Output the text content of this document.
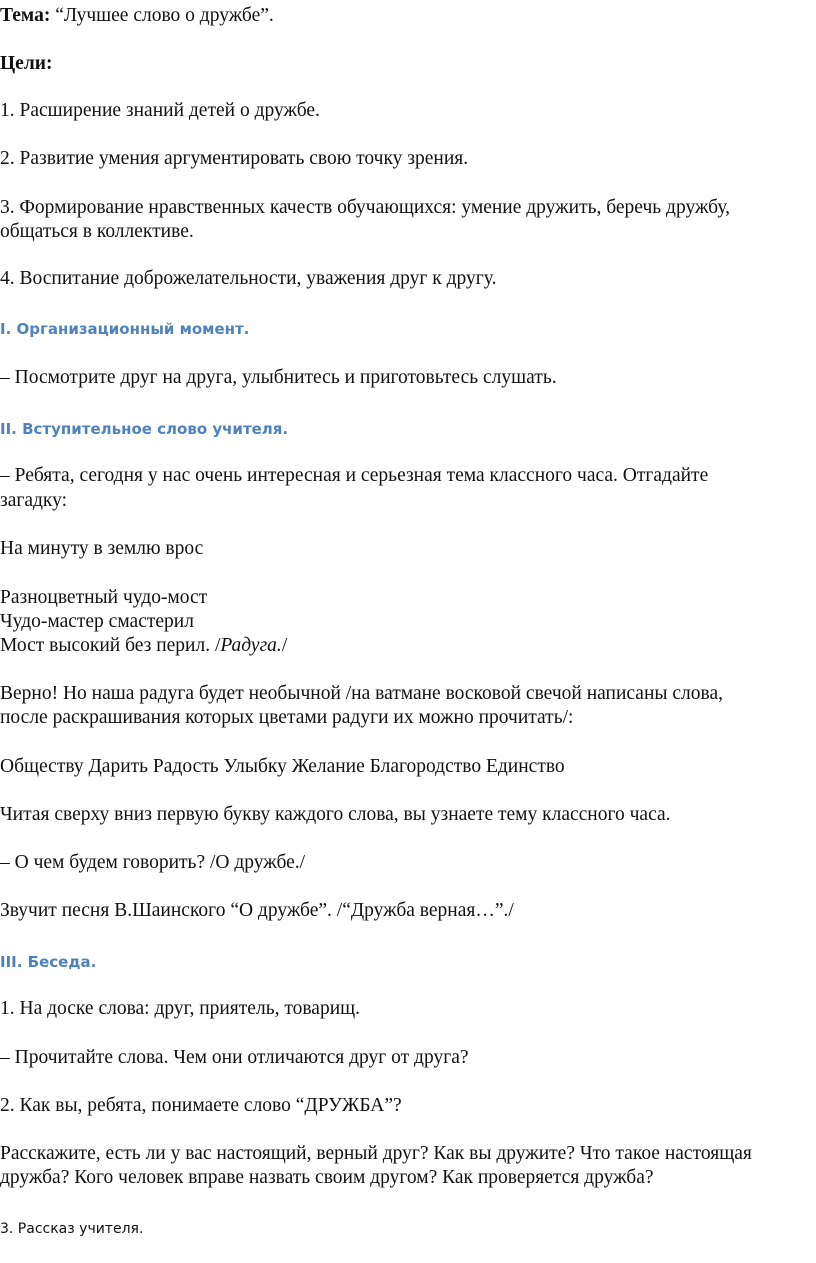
Тема: “Лучшее слово о дружбе”.
Цели:
1. Расширение знаний детей о дружбе.
2. Развитие умения аргументировать свою точку зрения.
3. Формирование нравственных качеств обучающихся: умение дружить, беречь дружбу,
общаться в коллективе.
4. Воспитание доброжелательности, уважения друг к другу.
I. Организационный момент.
– Посмотрите друг на друга, улыбнитесь и приготовьтесь слушать.
II. Вступительное слово учителя.
– Ребята, сегодня у нас очень интересная и серьезная тема классного часа. Отгадайте
загадку:
На минуту в землю врос
Разноцветный чудо-мост
Чудо-мастер смастерил
Мост высокий без перил. /Радуга./
Верно! Но наша радуга будет необычной /на ватмане восковой свечой написаны слова,
после раскрашивания которых цветами радуги их можно прочитать/:
Обществу Дарить Радость Улыбку Желание Благородство Единство
Читая сверху вниз первую букву каждого слова, вы узнаете тему классного часа.
– О чем будем говорить? /О дружбе./
Звучит песня В.Шаинского “О дружбе”. /“Дружба верная…”./
III. Беседа.
1. На доске слова: друг, приятель, товарищ.
– Прочитайте слова. Чем они отличаются друг от друга?
2. Как вы, ребята, понимаете слово “ДРУЖБА”?
Расскажите, есть ли у вас настоящий, верный друг? Как вы дружите? Что такое настоящая
дружба? Кого человек вправе назвать своим другом? Как проверяется дружба?
3. Рассказ учителя.
